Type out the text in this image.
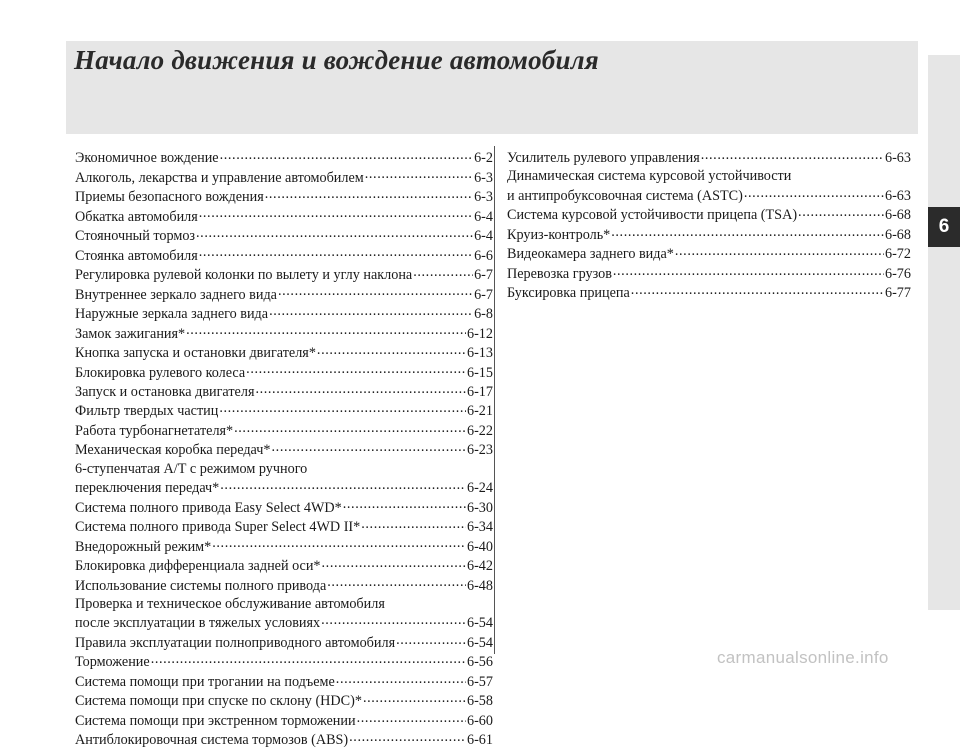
Начало движения и вождение автомобиля
6
Экономичное вождение .....	6-2
Алкоголь, лекарства и управление автомобилем .....	6-3
Приемы безопасного вождения .....	6-3
Обкатка автомобиля .....	6-4
Стояночный тормоз .....	6-4
Стоянка автомобиля .....	6-6
Регулировка рулевой колонки по вылету и углу наклона .....	6-7
Внутреннее зеркало заднего вида .....	6-7
Наружные зеркала заднего вида .....	6-8
Замок зажигания* .....	6-12
Кнопка запуска и остановки двигателя* .....	6-13
Блокировка рулевого колеса .....	6-15
Запуск и остановка двигателя .....	6-17
Фильтр твердых частиц .....	6-21
Работа турбонагнетателя* .....	6-22
Механическая коробка передач* .....	6-23
6-ступенчатая А/Т с режимом ручного
переключения передач* .....	6-24
Система полного привода Easy Select 4WD* .....	6-30
Система полного привода Super Select 4WD II* .....	6-34
Внедорожный режим* .....	6-40
Блокировка дифференциала задней оси* .....	6-42
Использование системы полного привода .....	6-48
Проверка и техническое обслуживание автомобиля
после эксплуатации в тяжелых условиях .....	6-54
Правила эксплуатации полноприводного автомобиля .....	6-54
Торможение .....	6-56
Система помощи при трогании на подъеме .....	6-57
Система помощи при спуске по склону (HDC)* .....	6-58
Система помощи при экстренном торможении .....	6-60
Антиблокировочная система тормозов (ABS) .....	6-61
Усилитель рулевого управления .....	6-63
Динамическая система курсовой устойчивости
и антипробуксовочная система (ASTC) .....	6-63
Система курсовой устойчивости прицепа (TSA) .....	6-68
Круиз-контроль* .....	6-68
Видеокамера заднего вида* .....	6-72
Перевозка грузов .....	6-76
Буксировка прицепа .....	6-77
carmanualsonline.info
